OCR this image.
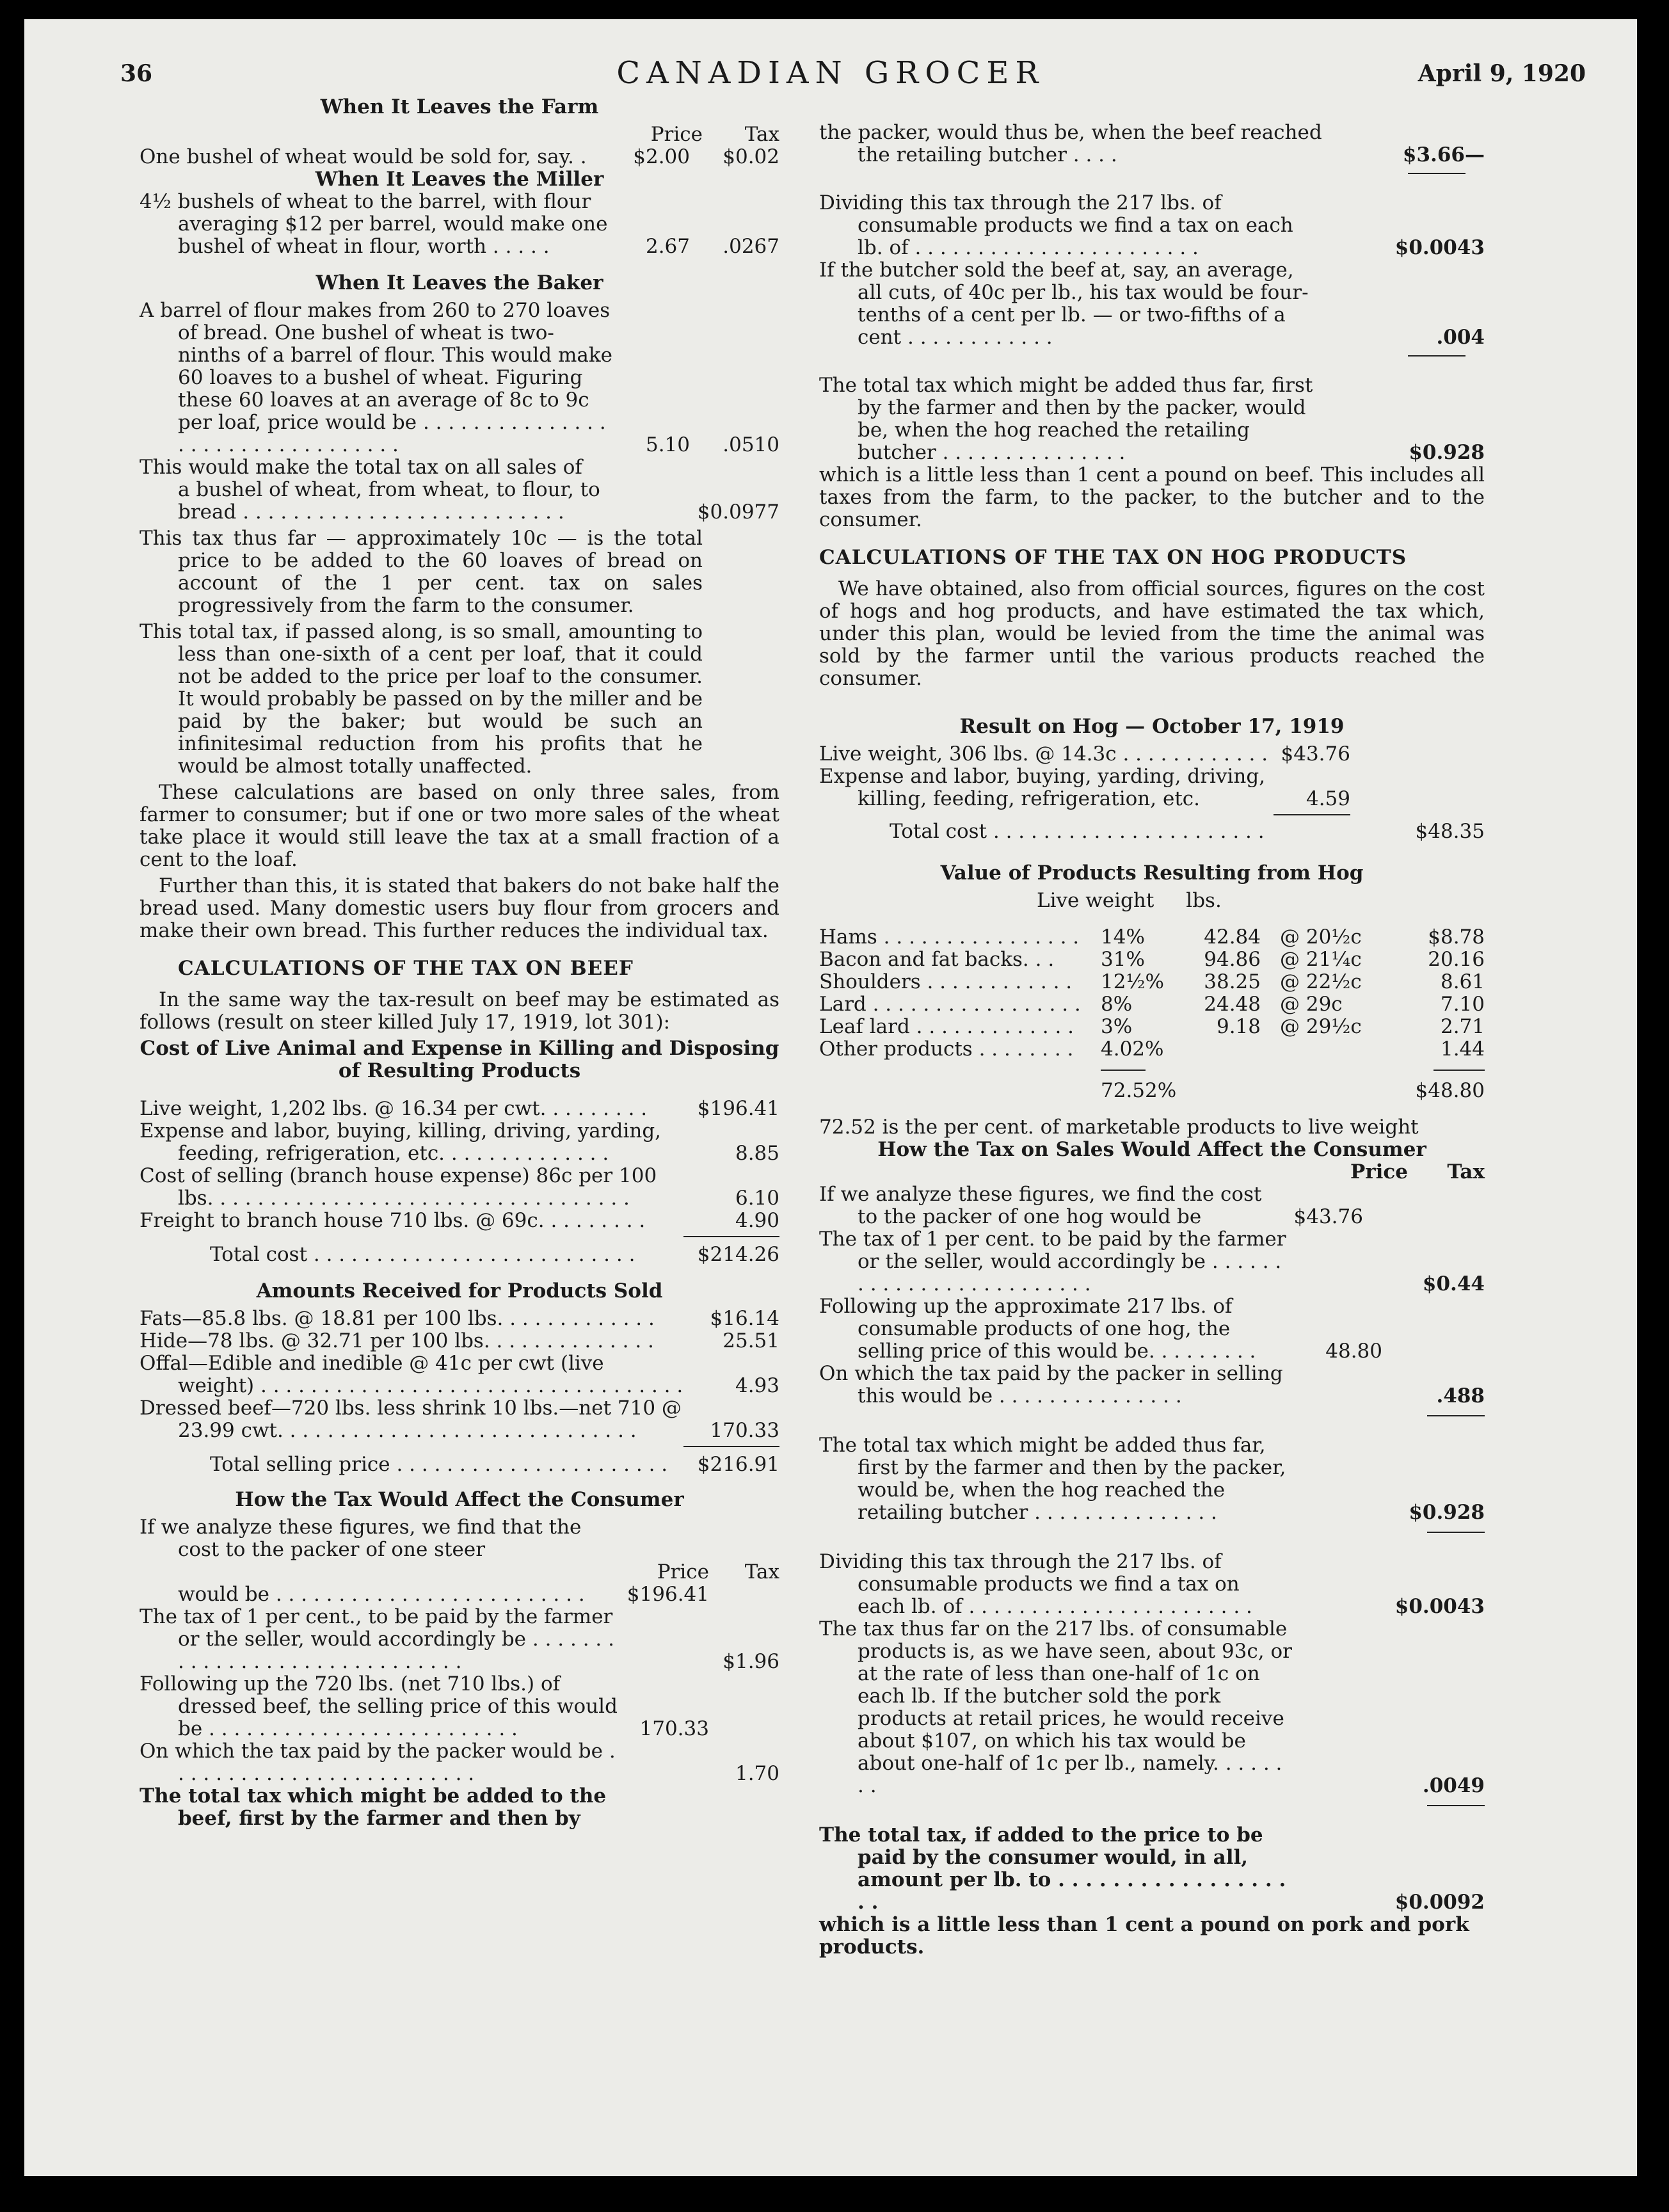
36	CANADIAN GROCER	April 9, 1920
When It Leaves the Farm
Price	Tax
One bushel of wheat would be sold for, say. .	$2.00	$0.02
When It Leaves the Miller
4½ bushels of wheat to the barrel, with flour averaging $12 per barrel, would make one bushel of wheat in flour, worth . . . . .	2.67	.0267
When It Leaves the Baker
A barrel of flour makes from 260 to 270 loaves of bread. One bushel of wheat is two-ninths of a barrel of flour. This would make 60 loaves to a bushel of wheat. Figuring these 60 loaves at an average of 8c to 9c per loaf, price would be . . . . . . . . . . . . . . . . . . . . . . . . . . . . . . . . .	5.10	.0510
This would make the total tax on all sales of a bushel of wheat, from wheat, to flour, to bread . . . . . . . . . . . . . . . . . . . . . . . . . .	$0.0977

This tax thus far — approximately 10c — is the total price to be added to the 60 loaves of bread on account of the 1 per cent. tax on sales progressively from the farm to the consumer.

This total tax, if passed along, is so small, amounting to less than one-sixth of a cent per loaf, that it could not be added to the price per loaf to the consumer. It would probably be passed on by the miller and be paid by the baker; but would be such an infinitesimal reduction from his profits that he would be almost totally unaffected.

These calculations are based on only three sales, from farmer to consumer; but if one or two more sales of the wheat take place it would still leave the tax at a small fraction of a cent to the loaf.

Further than this, it is stated that bakers do not bake half the bread used. Many domestic users buy flour from grocers and make their own bread. This further reduces the individual tax.

CALCULATIONS OF THE TAX ON BEEF

In the same way the tax-result on beef may be estimated as follows (result on steer killed July 17, 1919, lot 301):

Cost of Live Animal and Expense in Killing and Disposing of Resulting Products
Live weight, 1,202 lbs. @ 16.34 per cwt. . . . . . . . .	$196.41
Expense and labor, buying, killing, driving, yarding, feeding, refrigeration, etc. . . . . . . . . . . . . .	8.85
Cost of selling (branch house expense) 86c per 100 lbs. . . . . . . . . . . . . . . . . . . . . . . . . . . . . . . . . .	6.10
Freight to branch house 710 lbs. @ 69c. . . . . . . . .	4.90
Total cost . . . . . . . . . . . . . . . . . . . . . . . . . .	$214.26
Amounts Received for Products Sold
Fats—85.8 lbs. @ 18.81 per 100 lbs. . . . . . . . . . . . .	$16.14
Hide—78 lbs. @ 32.71 per 100 lbs. . . . . . . . . . . . . .	25.51
Offal—Edible and inedible @ 41c per cwt (live weight) . . . . . . . . . . . . . . . . . . . . . . . . . . . . . . . . . .	4.93
Dressed beef—720 lbs. less shrink 10 lbs.—net 710 @ 23.99 cwt. . . . . . . . . . . . . . . . . . . . . . . . . . . . .	170.33
Total selling price . . . . . . . . . . . . . . . . . . . . . .	$216.91
How the Tax Would Affect the Consumer
If we analyze these figures, we find that the cost to the packer of one steer
Price	Tax
would be . . . . . . . . . . . . . . . . . . . . . . . . .	$196.41
The tax of 1 per cent., to be paid by the farmer or the seller, would accordingly be . . . . . . . . . . . . . . . . . . . . . . . . . . . . . .	$1.96
Following up the 720 lbs. (net 710 lbs.) of dressed beef, the selling price of this would be . . . . . . . . . . . . . . . . . . . . . . . . .	170.33
On which the tax paid by the packer would be . . . . . . . . . . . . . . . . . . . . . . . . .	1.70
The total tax which might be added to the beef, first by the farmer and then by
the packer, would thus be, when the beef reached the retailing butcher . . . .	$3.66—
Dividing this tax through the 217 lbs. of consumable products we find a tax on each lb. of . . . . . . . . . . . . . . . . . . . . . . .	$0.0043
If the butcher sold the beef at, say, an average, all cuts, of 40c per lb., his tax would be four-tenths of a cent per lb. — or two-fifths of a cent . . . . . . . . . . . .	.004
The total tax which might be added thus far, first by the farmer and then by the packer, would be, when the hog reached the retailing butcher . . . . . . . . . . . . . . .	$0.928

which is a little less than 1 cent a pound on beef. This includes all taxes from the farm, to the packer, to the butcher and to the consumer.

CALCULATIONS OF THE TAX ON HOG PRODUCTS

We have obtained, also from official sources, figures on the cost of hogs and hog products, and have estimated the tax which, under this plan, would be levied from the time the animal was sold by the farmer until the various products reached the consumer.

Result on Hog — October 17, 1919
Live weight, 306 lbs. @ 14.3c . . . . . . . . . . . . $43.76
Expense and labor, buying, yarding, driving, killing, feeding, refrigeration, etc.	4.59
Total cost . . . . . . . . . . . . . . . . . . . . . .	$48.35
Value of Products Resulting from Hog
Live weight lbs.
Hams . . . . . . . . . . . . . . . .	14%	42.84	@ 20½c	$8.78
Bacon and fat backs. . .	31%	94.86	@ 21¼c	20.16
Shoulders . . . . . . . . . . . .	12½%	38.25	@ 22½c	8.61
Lard . . . . . . . . . . . . . . . . .	8%	24.48	@ 29c	7.10
Leaf lard . . . . . . . . . . . . .	3%	9.18	@ 29½c	2.71
Other products . . . . . . . .	4.02%			1.44

	72.52%			$48.80
72.52 is the per cent. of marketable products to live weight
How the Tax on Sales Would Affect the Consumer
Price	Tax
If we analyze these figures, we find the cost to the packer of one hog would be	$43.76
The tax of 1 per cent. to be paid by the farmer or the seller, would accordingly be . . . . . . . . . . . . . . . . . . . . . . . . .	$0.44
Following up the approximate 217 lbs. of consumable products of one hog, the selling price of this would be. . . . . . . . .	48.80
On which the tax paid by the packer in selling this would be . . . . . . . . . . . . . . .	.488
The total tax which might be added thus far, first by the farmer and then by the packer, would be, when the hog reached the retailing butcher . . . . . . . . . . . . . . .	$0.928
Dividing this tax through the 217 lbs. of consumable products we find a tax on each lb. of . . . . . . . . . . . . . . . . . . . . . . .	$0.0043
The tax thus far on the 217 lbs. of consumable products is, as we have seen, about 93c, or at the rate of less than one-half of 1c on each lb. If the butcher sold the pork products at retail prices, he would receive about $107, on which his tax would be about one-half of 1c per lb., namely. . . . . . . .	.0049
The total tax, if added to the price to be paid by the consumer would, in all, amount per lb. to . . . . . . . . . . . . . . . . . . .	$0.0092
which is a little less than 1 cent a pound on pork and pork products.
